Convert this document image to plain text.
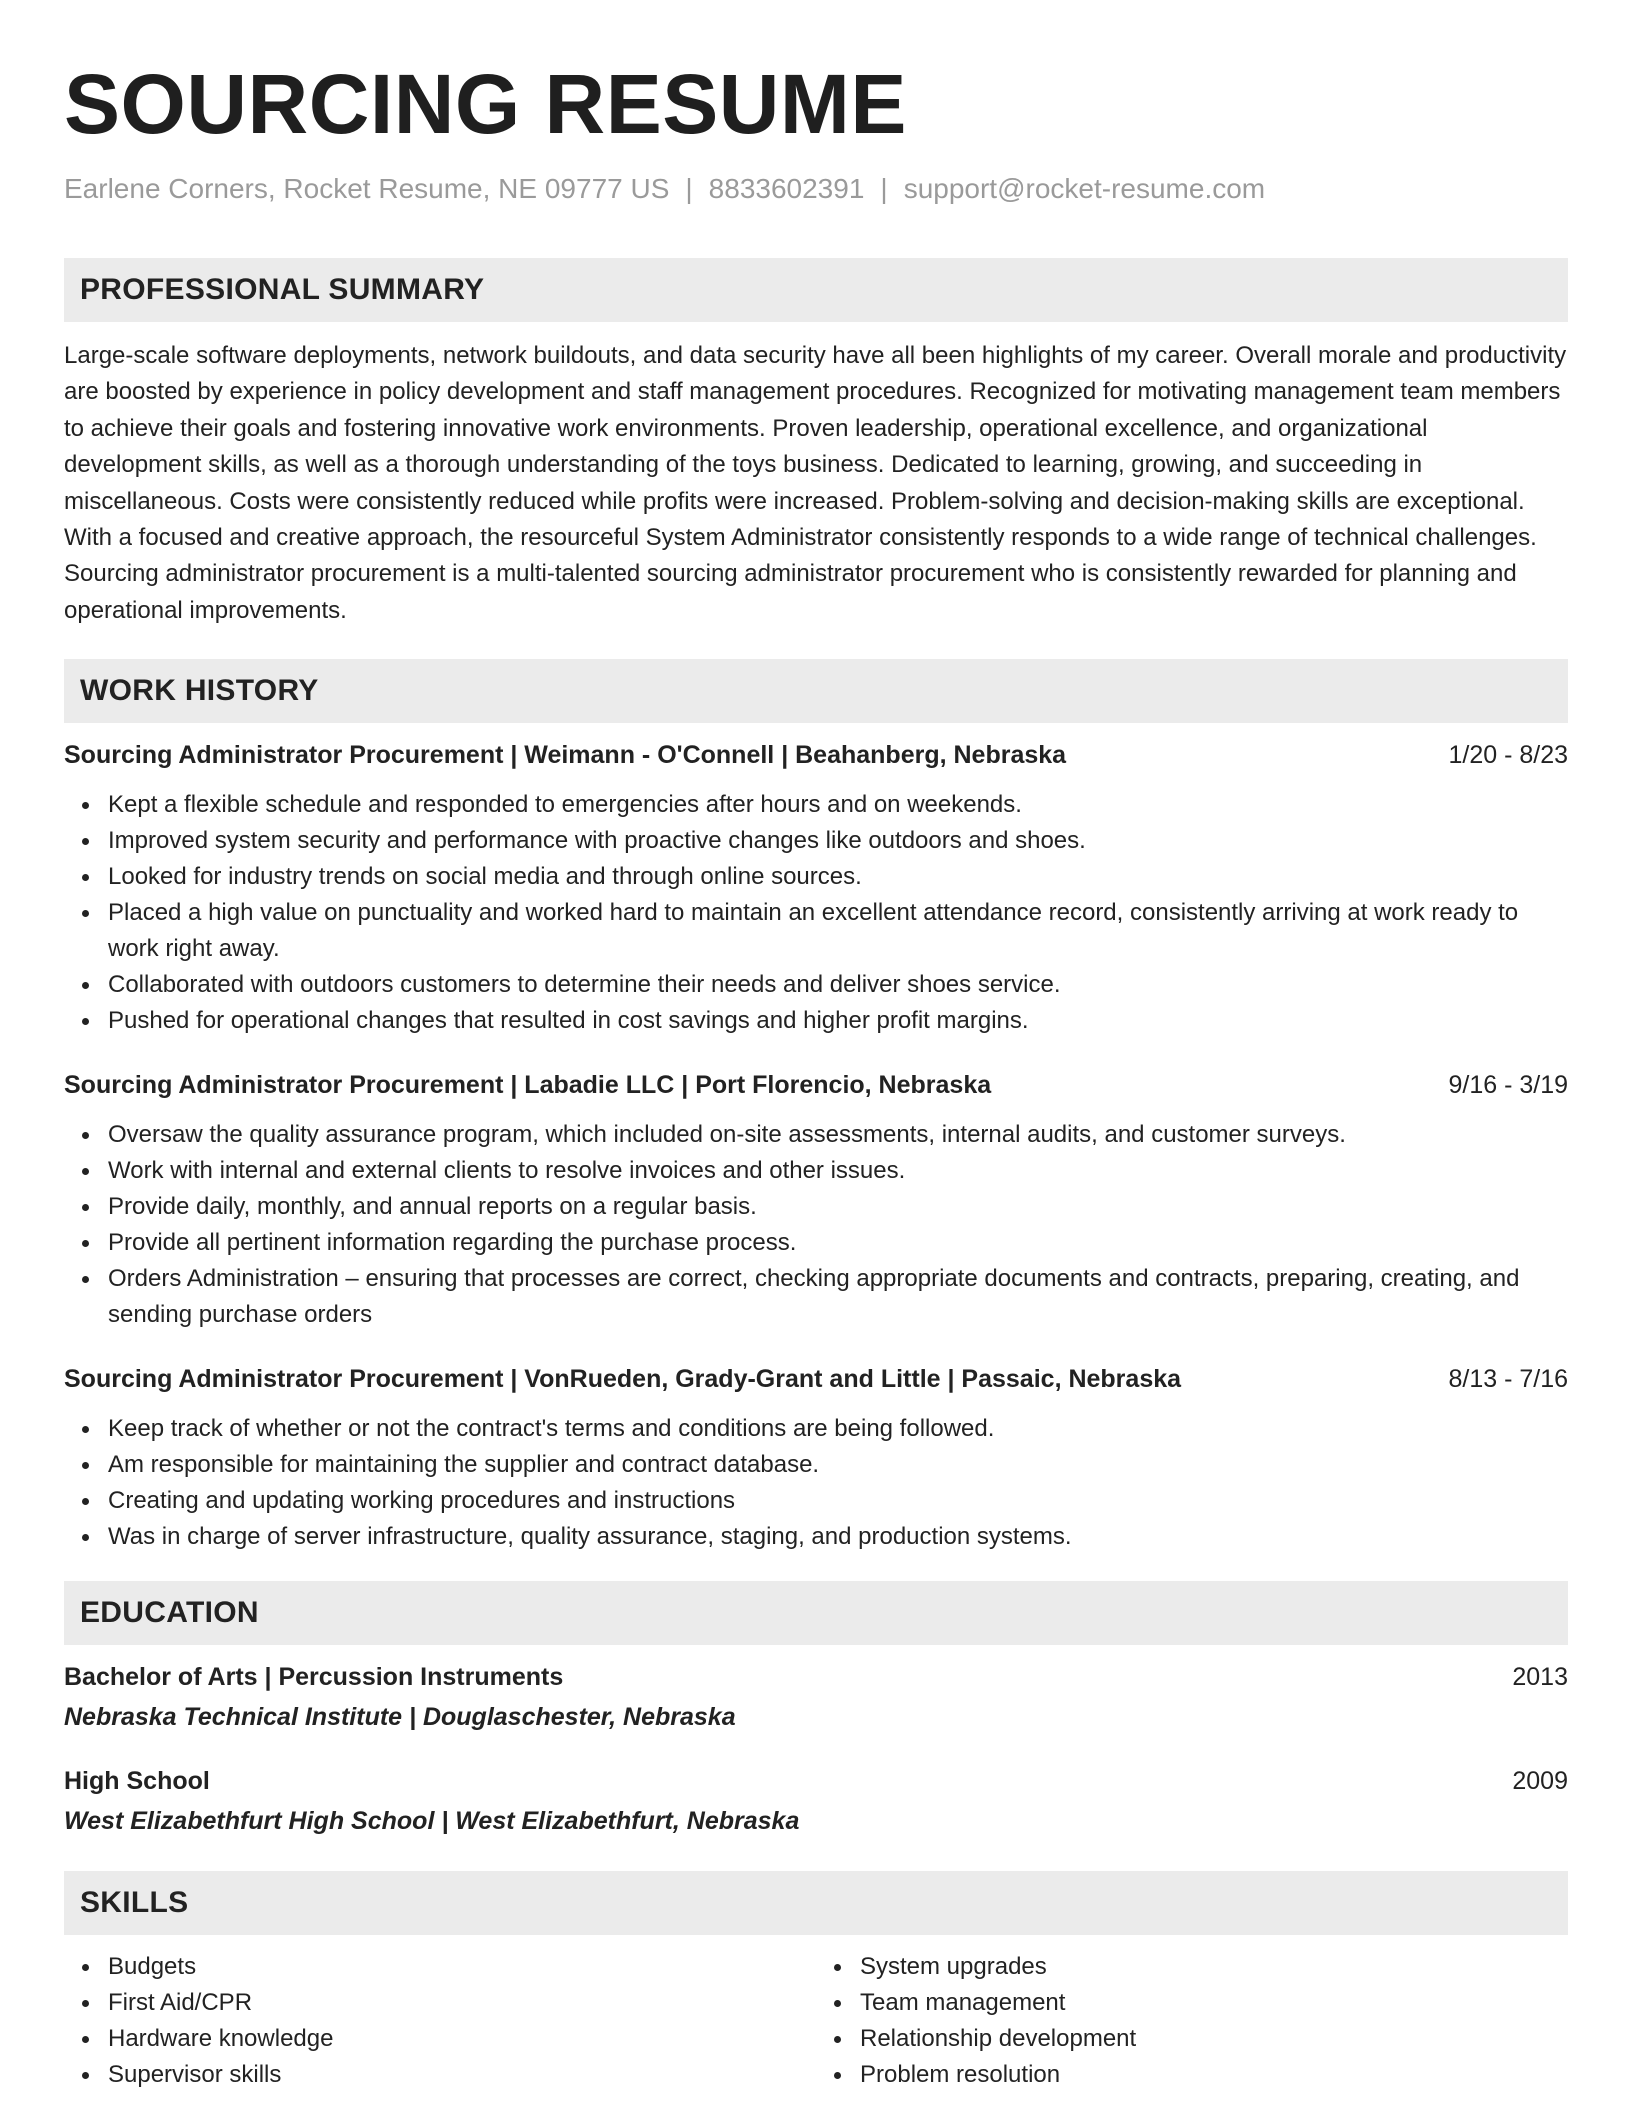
SOURCING RESUME
Earlene Corners, Rocket Resume, NE 09777 US | 8833602391 | support@rocket-resume.com
PROFESSIONAL SUMMARY
Large-scale software deployments, network buildouts, and data security have all been highlights of my career. Overall morale and productivity are boosted by experience in policy development and staff management procedures. Recognized for motivating management team members to achieve their goals and fostering innovative work environments. Proven leadership, operational excellence, and organizational development skills, as well as a thorough understanding of the toys business. Dedicated to learning, growing, and succeeding in miscellaneous. Costs were consistently reduced while profits were increased. Problem-solving and decision-making skills are exceptional. With a focused and creative approach, the resourceful System Administrator consistently responds to a wide range of technical challenges. Sourcing administrator procurement is a multi-talented sourcing administrator procurement who is consistently rewarded for planning and operational improvements.
WORK HISTORY
Sourcing Administrator Procurement | Weimann - O'Connell | Beahanberg, Nebraska	1/20 - 8/23
Kept a flexible schedule and responded to emergencies after hours and on weekends.
Improved system security and performance with proactive changes like outdoors and shoes.
Looked for industry trends on social media and through online sources.
Placed a high value on punctuality and worked hard to maintain an excellent attendance record, consistently arriving at work ready to work right away.
Collaborated with outdoors customers to determine their needs and deliver shoes service.
Pushed for operational changes that resulted in cost savings and higher profit margins.
Sourcing Administrator Procurement | Labadie LLC | Port Florencio, Nebraska	9/16 - 3/19
Oversaw the quality assurance program, which included on-site assessments, internal audits, and customer surveys.
Work with internal and external clients to resolve invoices and other issues.
Provide daily, monthly, and annual reports on a regular basis.
Provide all pertinent information regarding the purchase process.
Orders Administration – ensuring that processes are correct, checking appropriate documents and contracts, preparing, creating, and sending purchase orders
Sourcing Administrator Procurement | VonRueden, Grady-Grant and Little | Passaic, Nebraska	8/13 - 7/16
Keep track of whether or not the contract's terms and conditions are being followed.
Am responsible for maintaining the supplier and contract database.
Creating and updating working procedures and instructions
Was in charge of server infrastructure, quality assurance, staging, and production systems.
EDUCATION
Bachelor of Arts | Percussion Instruments	2013
Nebraska Technical Institute | Douglaschester, Nebraska
High School	2009
West Elizabethfurt High School | West Elizabethfurt, Nebraska
SKILLS
Budgets
First Aid/CPR
Hardware knowledge
Supervisor skills
System upgrades
Team management
Relationship development
Problem resolution
